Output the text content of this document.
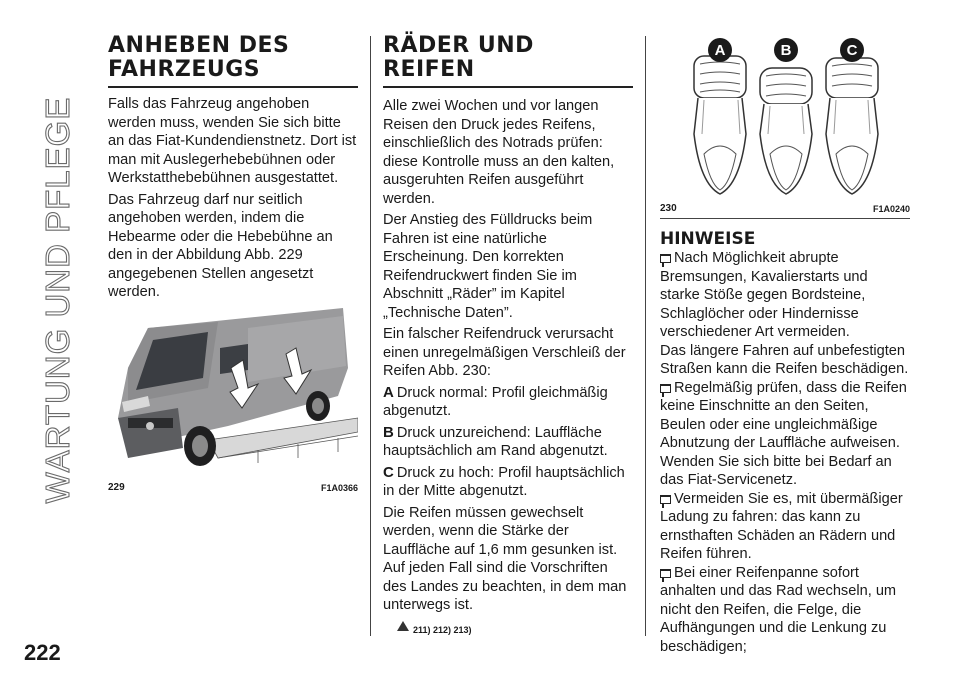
WARTUNG UND PFLEGE
ANHEBEN DES
FAHRZEUGS

Falls das Fahrzeug angehoben werden muss, wenden Sie sich bitte an das Fiat-Kundendienstnetz. Dort ist man mit Auslegerhebebühnen oder Werkstatthebebühnen ausgestattet.

Das Fahrzeug darf nur seitlich angehoben werden, indem die Hebearme oder die Hebebühne an den in der Abbildung Abb. 229 angegebenen Stellen angesetzt werden.

229	F1A0366
RÄDER UND REIFEN

Alle zwei Wochen und vor langen Reisen den Druck jedes Reifens, einschließlich des Notrads prüfen: diese Kontrolle muss an den kalten, ausgeruhten Reifen ausgeführt werden.

Der Anstieg des Fülldrucks beim Fahren ist eine natürliche Erscheinung. Den korrekten Reifendruckwert finden Sie im Abschnitt „Räder” im Kapitel „Technische Daten”.

Ein falscher Reifendruck verursacht einen unregelmäßigen Verschleiß der Reifen Abb. 230:

A Druck normal: Profil gleichmäßig abgenutzt.

B Druck unzureichend: Lauffläche hauptsächlich am Rand abgenutzt.

C Druck zu hoch: Profil hauptsächlich in der Mitte abgenutzt.

Die Reifen müssen gewechselt werden, wenn die Stärke der Lauffläche auf 1,6 mm gesunken ist. Auf jeden Fall sind die Vorschriften des Landes zu beachten, in dem man unterwegs ist.

211) 212) 213)
A	B	C
230	F1A0240
HINWEISE

Nach Möglichkeit abrupte Bremsungen, Kavalierstarts und starke Stöße gegen Bordsteine, Schlaglöcher oder Hindernisse verschiedener Art vermeiden.

Das längere Fahren auf unbefestigten Straßen kann die Reifen beschädigen.

Regelmäßig prüfen, dass die Reifen keine Einschnitte an den Seiten, Beulen oder eine ungleichmäßige Abnutzung der Lauffläche aufweisen. Wenden Sie sich bitte bei Bedarf an das Fiat-Servicenetz.

Vermeiden Sie es, mit übermäßiger Ladung zu fahren: das kann zu ernsthaften Schäden an Rädern und Reifen führen.

Bei einer Reifenpanne sofort anhalten und das Rad wechseln, um nicht den Reifen, die Felge, die Aufhängungen und die Lenkung zu beschädigen;

222
